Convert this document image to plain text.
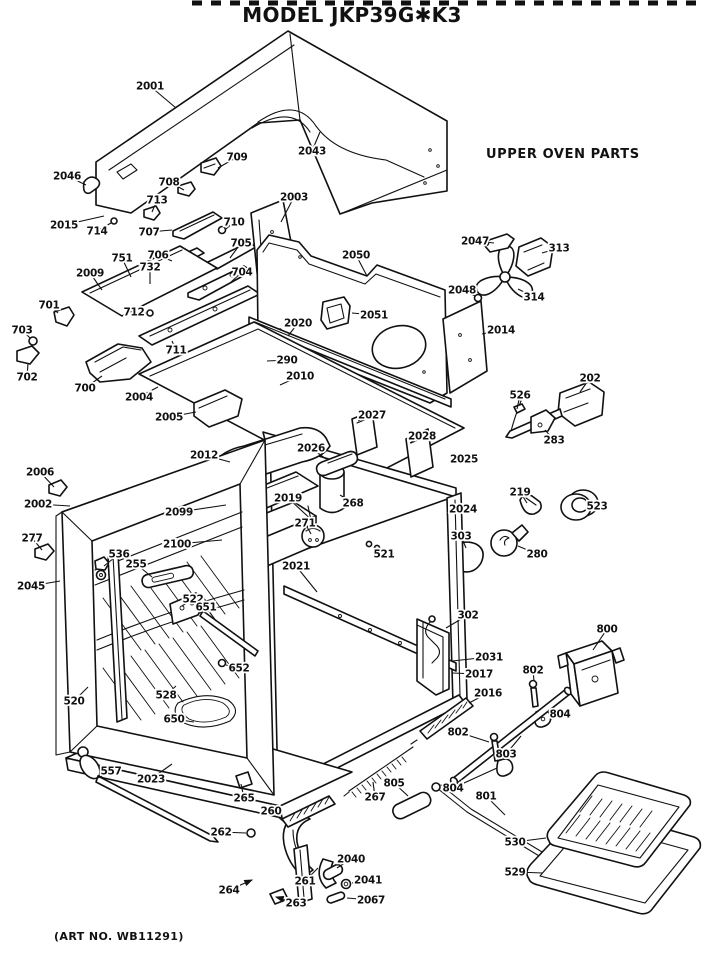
MODEL JKP39G✱K3
UPPER OVEN PARTS
(ART NO. WB11291)
2001
2043
2046
709
708
2003
713
2015 714	707
710
706
705
704
751
732
2009
712
711
701
703
702
700
2004
2005
2012
2050
2051
2020
290
2010
2047
313
2048
314
2014
2006
2002
202
526
283
2025
2024
219
523
303
280
2027
2028
2026
2019
2099
2100
271
268
521
2021
255
536
277
2045
522
651
652
520	528
650
557
2023
265
260
262
264
261
263
2040
2041
2067
2016
302
2031
2017
267
805
802
804
803
802
804
801
800
530
529
